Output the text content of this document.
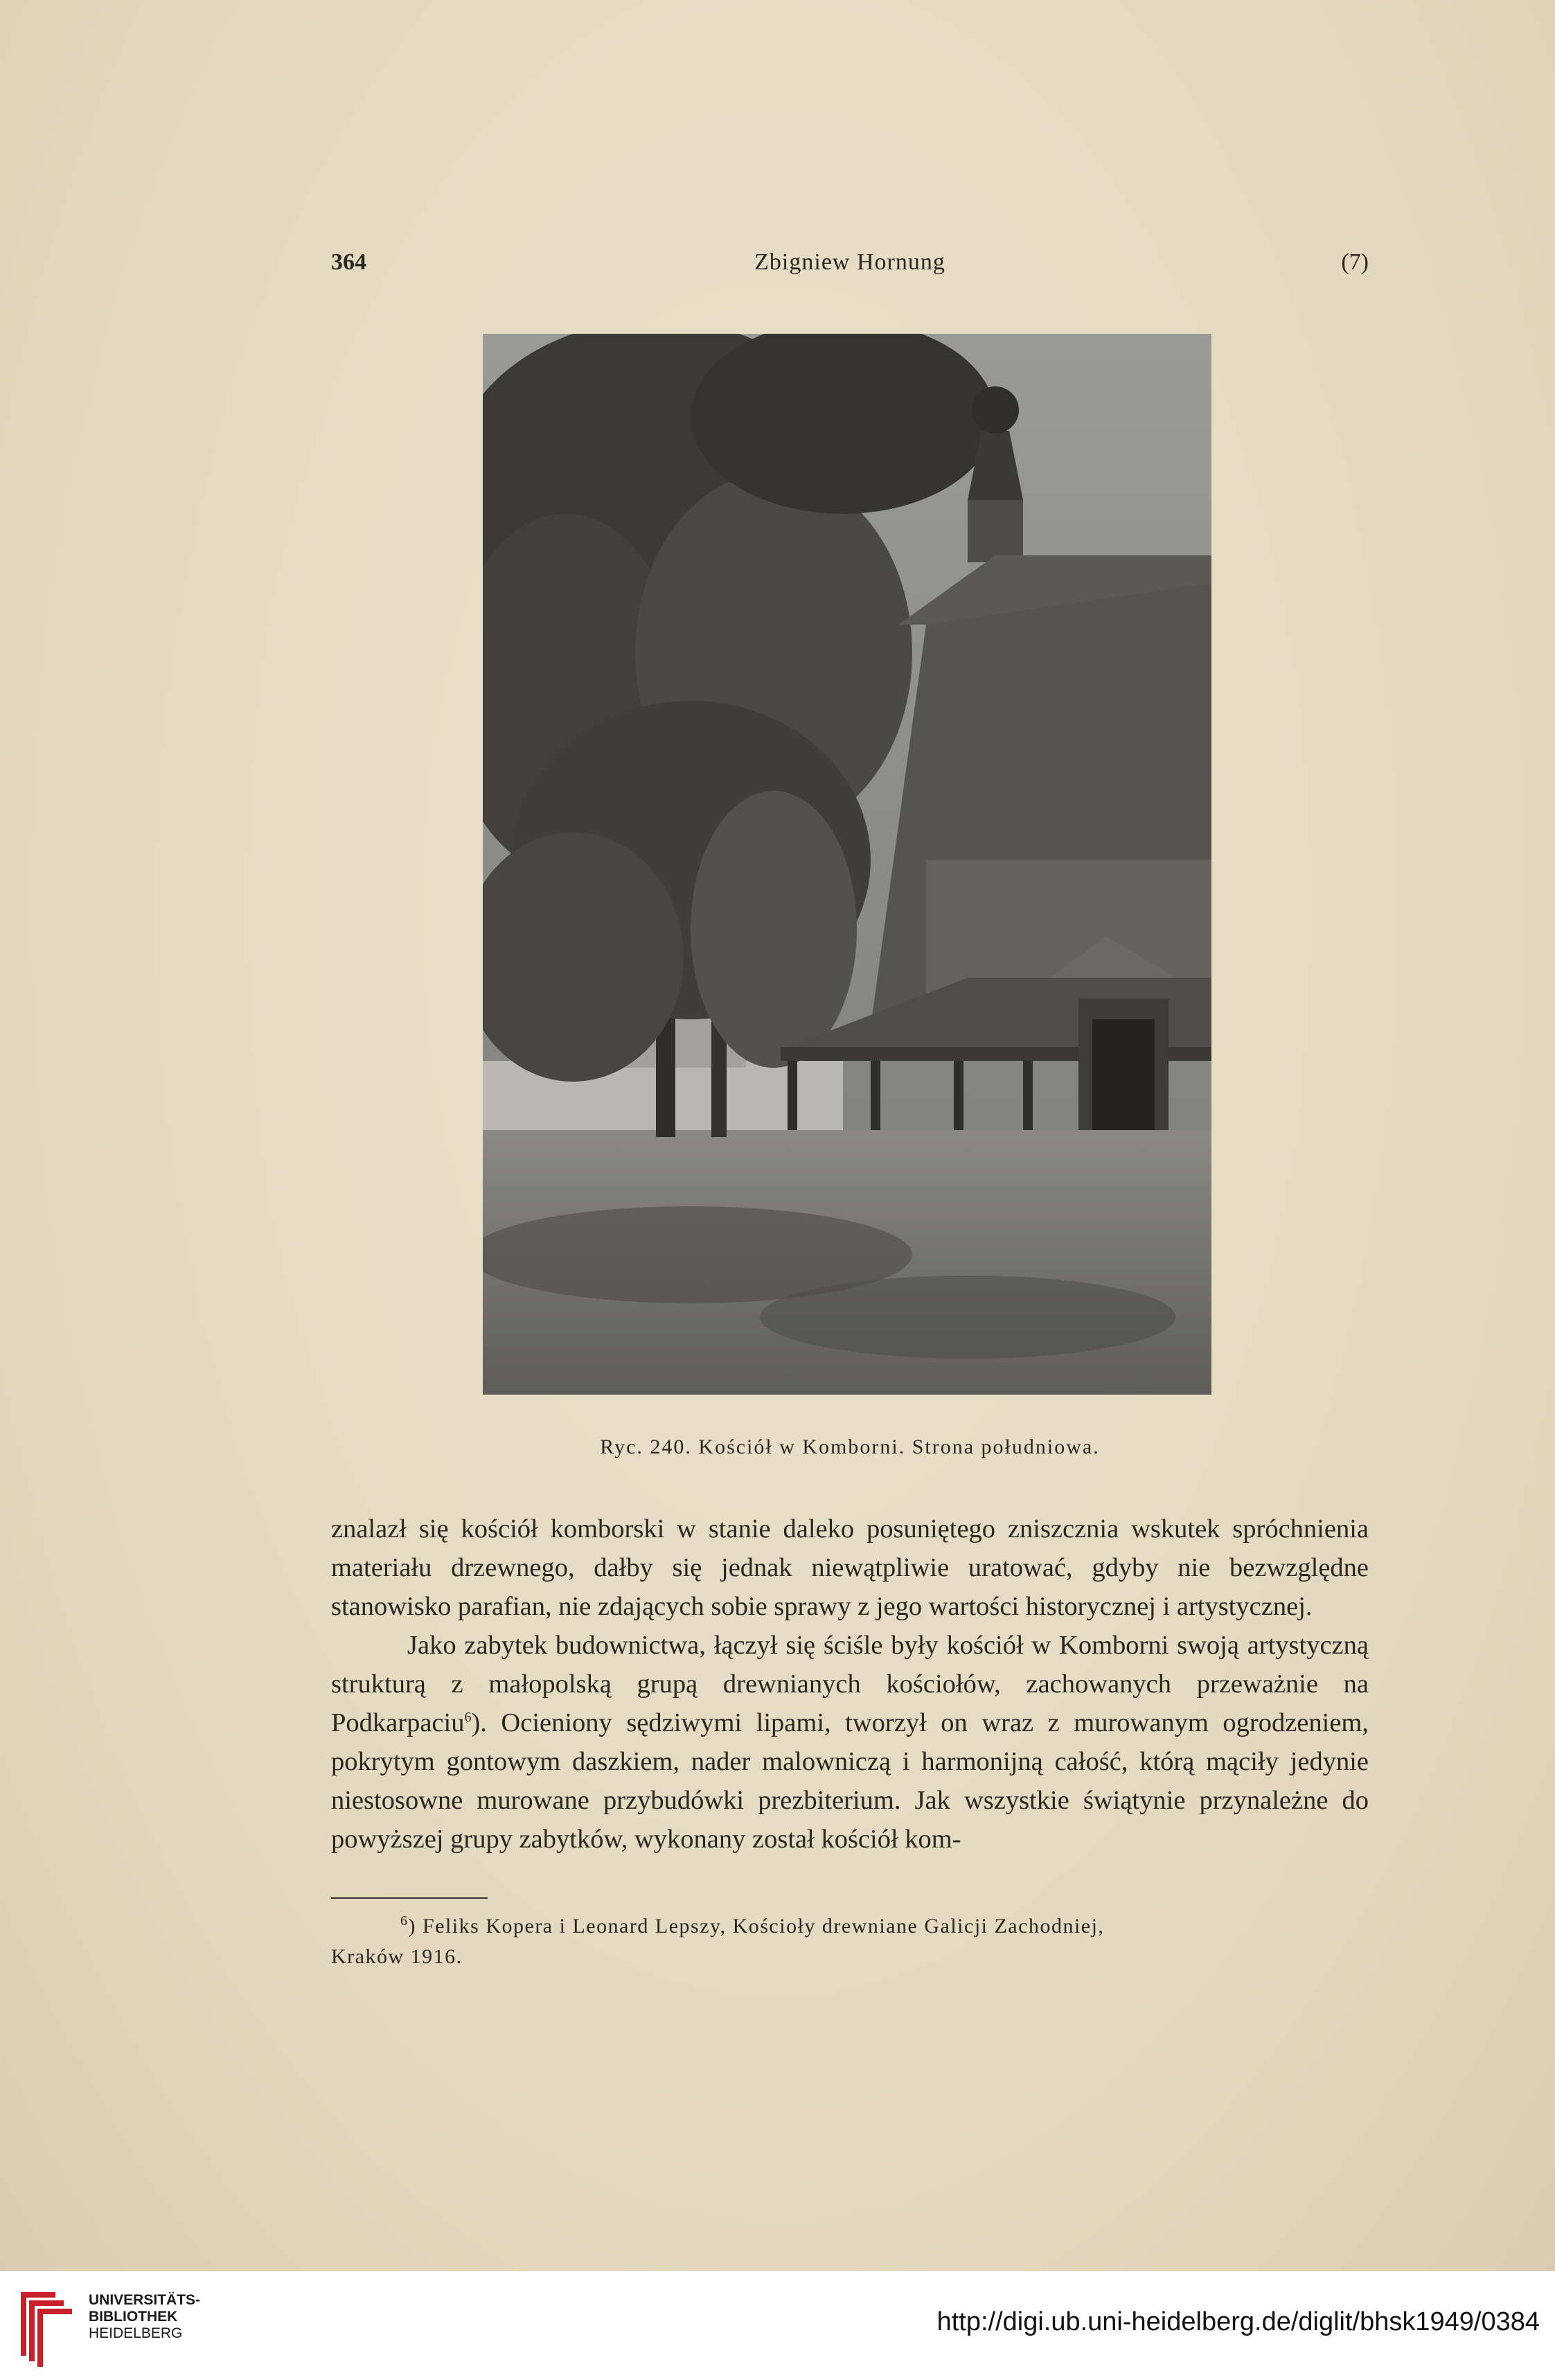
364	Zbigniew Hornung	(7)
Ryc. 240. Kościół w Komborni. Strona południowa.

znalazł się kościół komborski w stanie daleko posuniętego zniszcznia wskutek spróchnienia materiału drzewnego, dałby się jednak niewątpliwie uratować, gdyby nie bezwzględne stanowisko parafian, nie zdających sobie sprawy z jego wartości historycznej i artystycznej.

Jako zabytek budownictwa, łączył się ściśle były kościół w Komborni swoją artystyczną strukturą z małopolską grupą drewnianych kościołów, zachowanych przeważnie na Podkarpaciu$^6$). Ocieniony sędziwymi lipami, tworzył on wraz z murowanym ogrodzeniem, pokrytym gontowym daszkiem, nader malowniczą i harmonijną całość, którą mąciły jedynie niestosowne murowane przybudówki prezbiterium. Jak wszystkie świątynie przynależne do powyższej grupy zabytków, wykonany został kościół kom-

$^6$) Feliks Kopera i Leonard Lepszy, Kościoły drewniane Galicji Zachodniej,
Kraków 1916.
UNIVERSITÄTS-
BIBLIOTHEK
HEIDELBERG	http://digi.ub.uni-heidelberg.de/diglit/bhsk1949/0384
